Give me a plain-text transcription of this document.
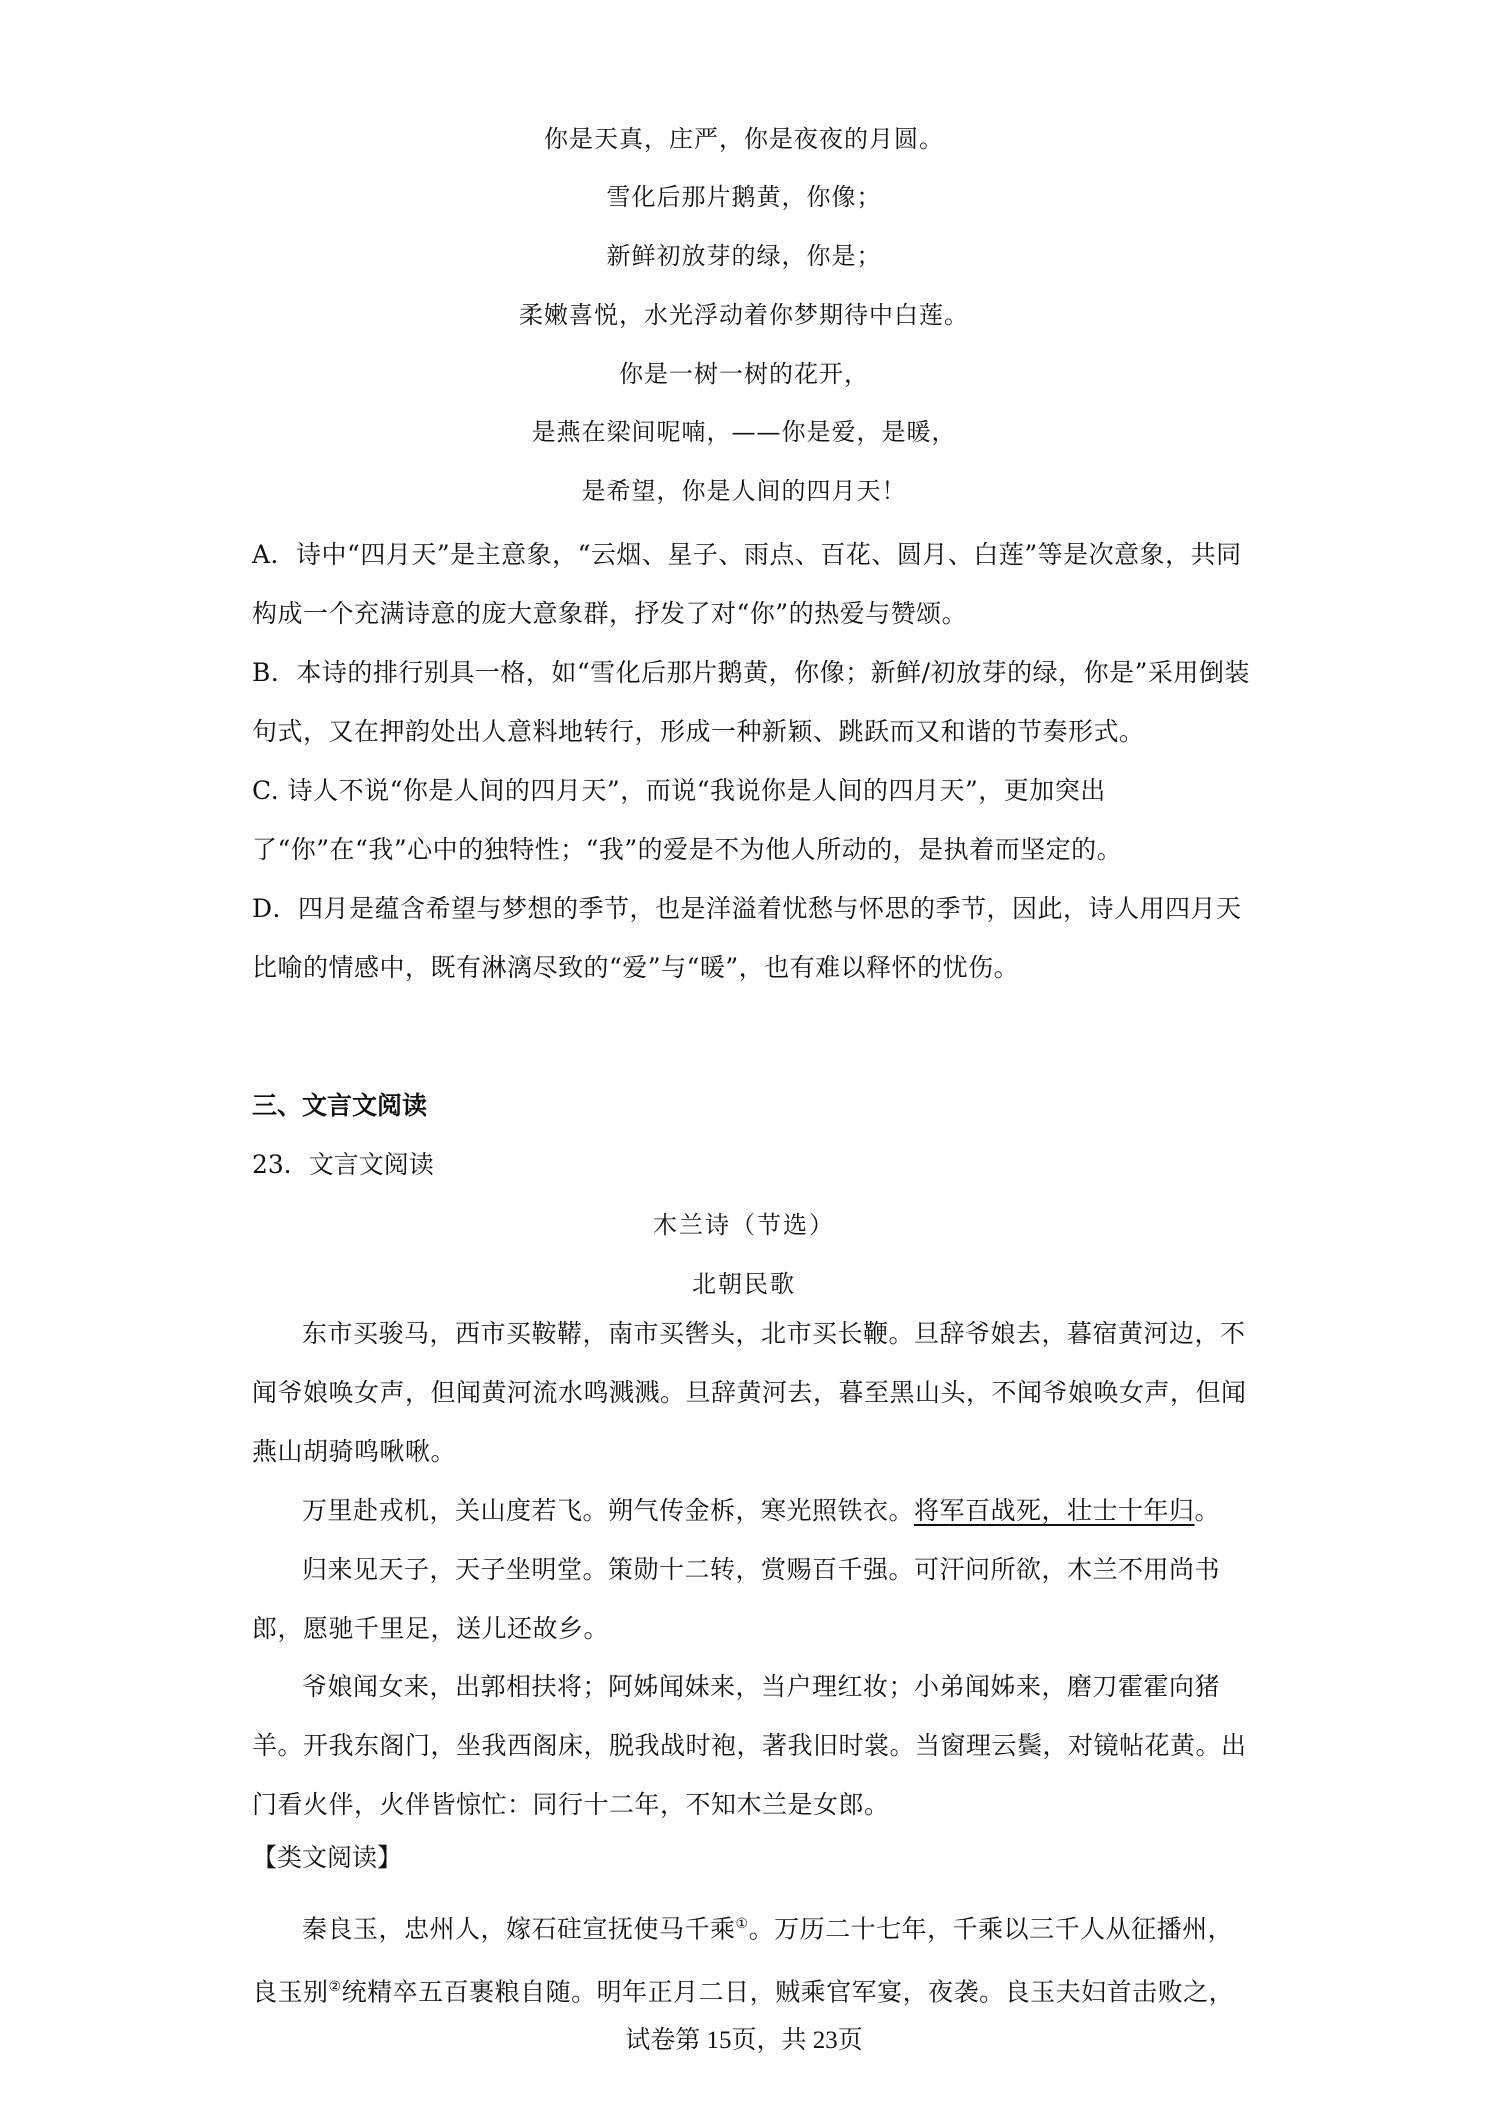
你是天真，庄严，你是夜夜的月圆。
雪化后那片鹅黄，你像；
新鲜初放芽的绿，你是；
柔嫩喜悦，水光浮动着你梦期待中白莲。
你是一树一树的花开，
是燕在梁间呢喃，——你是爱，是暖，
是希望，你是人间的四月天！

A．诗中“四月天”是主意象，“云烟、星子、雨点、百花、圆月、白莲”等是次意象，共同构成一个充满诗意的庞大意象群，抒发了对“你”的热爱与赞颂。

B．本诗的排行别具一格，如“雪化后那片鹅黄，你像；新鲜/初放芽的绿，你是”采用倒装句式，又在押韵处出人意料地转行，形成一种新颖、跳跃而又和谐的节奏形式。

C. 诗人不说“你是人间的四月天”，而说“我说你是人间的四月天”，更加突出了“你”在“我”心中的独特性；“我”的爱是不为他人所动的，是执着而坚定的。

D．四月是蕴含希望与梦想的季节，也是洋溢着忧愁与怀思的季节，因此，诗人用四月天比喻的情感中，既有淋漓尽致的“爱”与“暖”，也有难以释怀的忧伤。

三、文言文阅读
23．文言文阅读
木兰诗（节选）
北朝民歌

东市买骏马，西市买鞍鞯，南市买辔头，北市买长鞭。旦辞爷娘去，暮宿黄河边，不闻爷娘唤女声，但闻黄河流水鸣溅溅。旦辞黄河去，暮至黑山头，不闻爷娘唤女声，但闻燕山胡骑鸣啾啾。

万里赴戎机，关山度若飞。朔气传金柝，寒光照铁衣。将军百战死，壮士十年归。

归来见天子，天子坐明堂。策勋十二转，赏赐百千强。可汗问所欲，木兰不用尚书郎，愿驰千里足，送儿还故乡。

爷娘闻女来，出郭相扶将；阿姊闻妹来，当户理红妆；小弟闻姊来，磨刀霍霍向猪羊。开我东阁门，坐我西阁床，脱我战时袍，著我旧时裳。当窗理云鬓，对镜帖花黄。出门看火伴，火伴皆惊忙：同行十二年，不知木兰是女郎。

【类文阅读】

秦良玉，忠州人，嫁石砫宣抚使马千乘①。万历二十七年，千乘以三千人从征播州，良玉别②统精卒五百裹粮自随。明年正月二日，贼乘官军宴，夜袭。良玉夫妇首击败之，

试卷第 15页，共 23页
